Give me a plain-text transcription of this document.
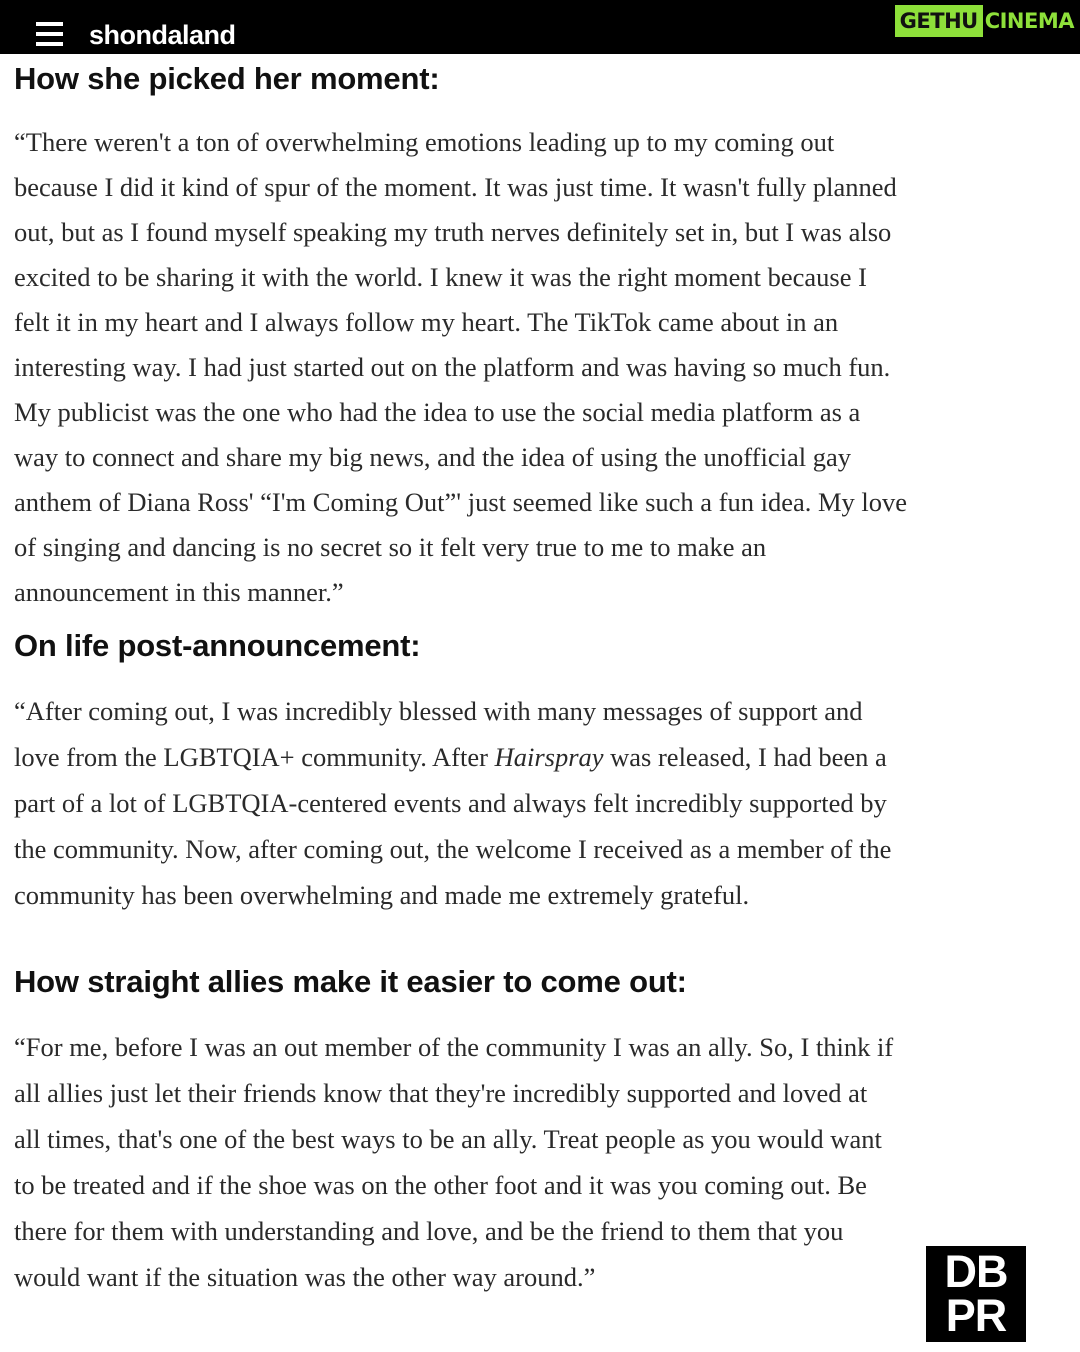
shondaland	GETHU CINEMA
How she picked her moment:

“There weren't a ton of overwhelming emotions leading up to my coming out
because I did it kind of spur of the moment. It was just time. It wasn't fully planned
out, but as I found myself speaking my truth nerves definitely set in, but I was also
excited to be sharing it with the world. I knew it was the right moment because I
felt it in my heart and I always follow my heart. The TikTok came about in an
interesting way. I had just started out on the platform and was having so much fun.
My publicist was the one who had the idea to use the social media platform as a
way to connect and share my big news, and the idea of using the unofficial gay
anthem of Diana Ross' “I'm Coming Out”' just seemed like such a fun idea. My love
of singing and dancing is no secret so it felt very true to me to make an
announcement in this manner.”

On life post-announcement:

“After coming out, I was incredibly blessed with many messages of support and
love from the LGBTQIA+ community. After Hairspray was released, I had been a
part of a lot of LGBTQIA-centered events and always felt incredibly supported by
the community. Now, after coming out, the welcome I received as a member of the
community has been overwhelming and made me extremely grateful.

How straight allies make it easier to come out:

“For me, before I was an out member of the community I was an ally. So, I think if
all allies just let their friends know that they're incredibly supported and loved at
all times, that's one of the best ways to be an ally. Treat people as you would want
to be treated and if the shoe was on the other foot and it was you coming out. Be
there for them with understanding and love, and be the friend to them that you
would want if the situation was the other way around.”	DB
PR
